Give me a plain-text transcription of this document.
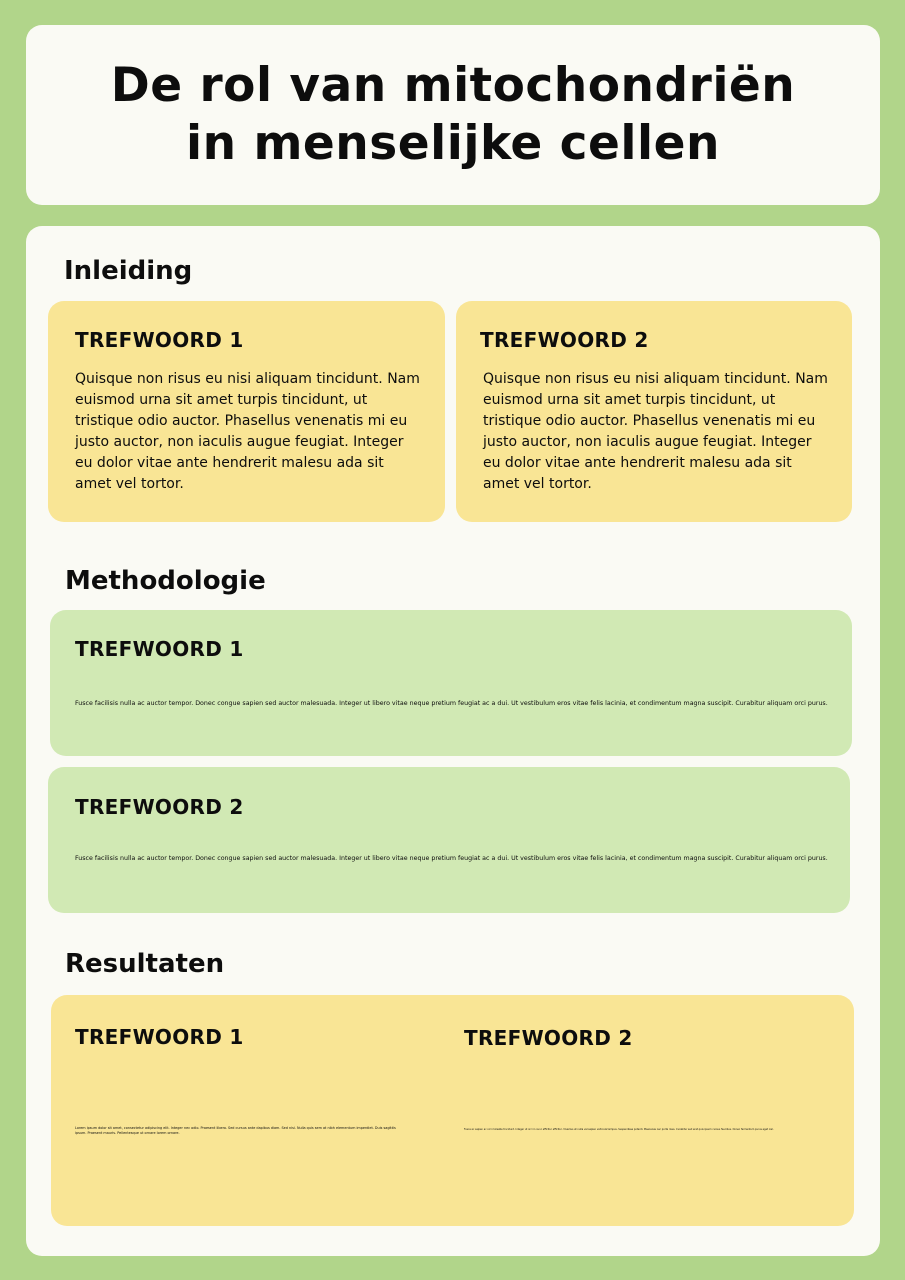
De rol van mitochondriën
in menselijke cellen
Inleiding
TREFWOORD 1

Quisque non risus eu nisi aliquam tincidunt. Nam euismod urna sit amet turpis tincidunt, ut tristique odio auctor. Phasellus venenatis mi eu justo auctor, non iaculis augue feugiat. Integer eu dolor vitae ante hendrerit malesu ada sit amet vel tortor.

TREFWOORD 2

Quisque non risus eu nisi aliquam tincidunt. Nam euismod urna sit amet turpis tincidunt, ut tristique odio auctor. Phasellus venenatis mi eu justo auctor, non iaculis augue feugiat. Integer eu dolor vitae ante hendrerit malesu ada sit amet vel tortor.

Methodologie
TREFWOORD 1

Fusce facilisis nulla ac auctor tempor. Donec congue sapien sed auctor malesuada. Integer ut libero vitae neque pretium feugiat ac a dui. Ut vestibulum eros vitae felis lacinia, et condimentum magna suscipit. Curabitur aliquam orci purus.

TREFWOORD 2

Fusce facilisis nulla ac auctor tempor. Donec congue sapien sed auctor malesuada. Integer ut libero vitae neque pretium feugiat ac a dui. Ut vestibulum eros vitae felis lacinia, et condimentum magna suscipit. Curabitur aliquam orci purus.

Resultaten
TREFWOORD 1

Lorem ipsum dolor sit amet, consectetur adipiscing elit. Integer nec odio. Praesent libero. Sed cursus ante dapibus diam. Sed nisi. Nulla quis sem at nibh elementum imperdiet. Duis sagittis ipsum. Praesent mauris. Pellentesque ut ornare lorem ornare.

TREFWOORD 2

Fusce ac sapien ac orci molestie tincidunt. Integer ut orci in nunc efficitur efficitur. Vivamus et nulla vel sapien vehicula tempus. Suspendisse potenti. Maecenas nec porta risus. Curabitur sed erat quis ipsum cursus faucibus. Donec fermentum purus eget nisl.
